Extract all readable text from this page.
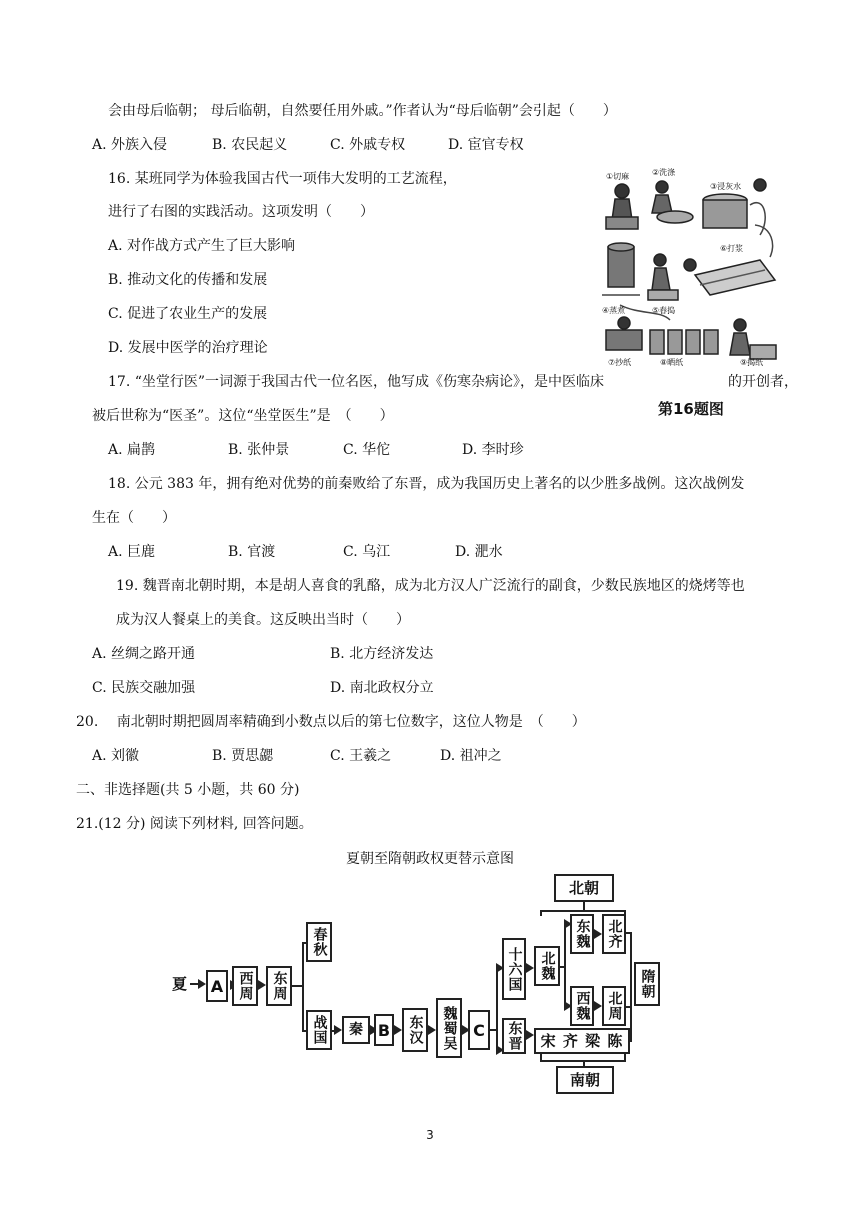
会由母后临朝； 母后临朝，自然要任用外戚。”作者认为“母后临朝”会引起（　　）
A. 外族入侵	B. 农民起义	C. 外戚专权	D. 宦官专权
16. 某班同学为体验我国古代一项伟大发明的工艺流程，
进行了右图的实践活动。这项发明（　　）
A. 对作战方式产生了巨大影响
B. 推动文化的传播和发展
C. 促进了农业生产的发展
D. 发展中医学的治疗理论
17. “坐堂行医”一词源于我国古代一位名医，他写成《伤寒杂病论》，是中医临床	的开创者，
被后世称为“医圣”。这位“坐堂医生”是　（　　）
A. 扁鹊	B. 张仲景	C. 华佗	D. 李时珍
18. 公元 383 年，拥有绝对优势的前秦败给了东晋，成为我国历史上著名的以少胜多战例。这次战例发
生在（　　）
A. 巨鹿	B. 官渡	C. 乌江	D. 淝水
19. 魏晋南北朝时期，本是胡人喜食的乳酪，成为北方汉人广泛流行的副食，少数民族地区的烧烤等也
成为汉人餐桌上的美食。这反映出当时（　　）
A. 丝绸之路开通	B. 北方经济发达
C. 民族交融加强	D. 南北政权分立
20.　 南北朝时期把圆周率精确到小数点以后的第七位数字，这位人物是　（　　）
A. 刘徽	B. 贾思勰	C. 王羲之	D. 祖冲之
二、非选择题(共 5 小题，共 60 分)
21.(12 分) 阅读下列材料, 回答问题。
夏朝至隋朝政权更替示意图
①切麻	②洗涤
③浸灰水
④蒸煮	⑤舂捣
⑥打浆
⑦抄纸	⑧晒纸	⑨揭纸
第16题图
夏 A	西周	东周
春秋
战国	秦 B	东汉	魏蜀吴 C
十六国
东晋
北魏
北朝
东魏	北齐
西魏	北周
宋 齐 梁 陈
南朝
隋朝
3
